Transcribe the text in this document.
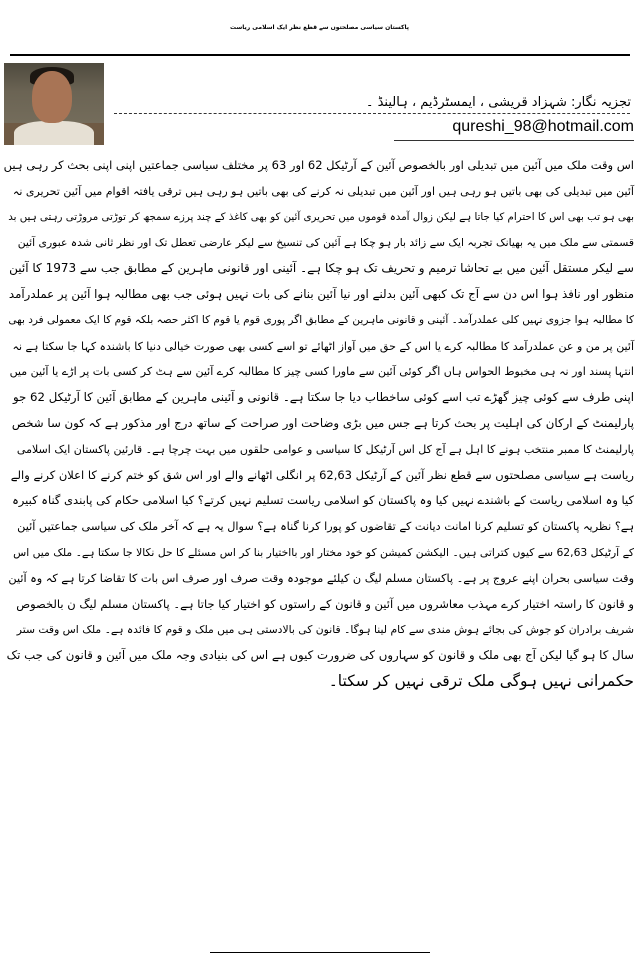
پاکستان سیاسی مصلحتوں سے قطع نظر ایک اسلامی ریاست
تجزیہ نگار: شہزاد قریشی ، ایمسٹرڈیم ، ہالینڈ ۔
qureshi_98@hotmail.com

اس وقت ملک میں آئین میں تبدیلی اور بالخصوص آئین کے آرٹیکل 62 اور 63 پر مختلف سیاسی جماعتیں اپنی اپنی بحث کر رہی ہیں

آئین میں تبدیلی کی بھی باتیں ہو رہی ہیں اور آئین میں تبدیلی نہ کرنے کی بھی باتیں ہو رہی ہیں ترقی یافتہ اقوام میں آئین تحریری نہ

بھی ہو تب بھی اس کا احترام کیا جاتا ہے لیکن زوال آمدہ قوموں میں تحریری آئین کو بھی کاغذ کے چند پرزے سمجھ کر توڑتی مروڑتی رہتی ہیں بد

قسمتی سے ملک میں یہ بھیانک تجربہ ایک سے زائد بار ہو چکا ہے آئین کی تنسیخ سے لیکر عارضی تعطل تک اور نظر ثانی شدہ عبوری آئین

سے لیکر مستقل آئین میں بے تحاشا ترمیم و تحریف تک ہو چکا ہے۔ آئینی اور قانونی ماہرین کے مطابق جب سے 1973 کا آئین

منظور اور نافذ ہوا اس دن سے آج تک کبھی آئین بدلنے اور نیا آئین بنانے کی بات نہیں ہوئی جب بھی مطالبہ ہوا آئین پر عملدرآمد

کا مطالبہ ہوا جزوی نہیں کلی عملدرآمد۔ آئینی و قانونی ماہرین کے مطابق اگر پوری قوم یا قوم کا اکثر حصہ بلکہ قوم کا ایک معمولی فرد بھی

آئین پر من و عن عملدرآمد کا مطالبہ کرے یا اس کے حق میں آواز اٹھائے تو اسے کسی بھی صورت خیالی دنیا کا باشندہ کہا جا سکتا ہے نہ

انتہا پسند اور نہ ہی مخبوط الحواس ہاں اگر کوئی آئین سے ماورا کسی چیز کا مطالبہ کرے آئین سے ہٹ کر کسی بات پر اڑے یا آئین میں

اپنی طرف سے کوئی چیز گھڑے تب اسے کوئی ساخطاب دیا جا سکتا ہے۔ قانونی و آئینی ماہرین کے مطابق آئین کا آرٹیکل 62 جو

پارلیمنٹ کے ارکان کی اہلیت پر بحث کرتا ہے جس میں بڑی وضاحت اور صراحت کے ساتھ درج اور مذکور ہے کہ کون سا شخص

پارلیمنٹ کا ممبر منتخب ہونے کا اہل ہے آج کل اس آرٹیکل کا سیاسی و عوامی حلقوں میں بہت چرچا ہے۔ قارئین پاکستان ایک اسلامی

ریاست ہے سیاسی مصلحتوں سے قطع نظر آئین کے آرٹیکل 62,63 پر انگلی اٹھانے والے اور اس شق کو ختم کرنے کا اعلان کرنے والے

کیا وہ اسلامی ریاست کے باشندے نہیں کیا وہ پاکستان کو اسلامی ریاست تسلیم نہیں کرتے؟ کیا اسلامی حکام کی پابندی گناہ کبیرہ

ہے؟ نظریہ پاکستان کو تسلیم کرنا امانت دیانت کے تقاضوں کو پورا کرنا گناہ ہے؟ سوال یہ ہے کہ آخر ملک کی سیاسی جماعتیں آئین

کے آرٹیکل 62,63 سے کیوں کتراتی ہیں۔ الیکشن کمیشن کو خود مختار اور بااختیار بنا کر اس مسئلے کا حل نکالا جا سکتا ہے۔ ملک میں اس

وقت سیاسی بحران اپنے عروج پر ہے۔ پاکستان مسلم لیگ ن کیلئے موجودہ وقت صرف اور صرف اس بات کا تقاضا کرتا ہے کہ وہ آئین

و قانون کا راستہ اختیار کرے مہذب معاشروں میں آئین و قانون کے راستوں کو اختیار کیا جاتا ہے۔ پاکستان مسلم لیگ ن بالخصوص

شریف برادران کو جوش کی بجائے ہوش مندی سے کام لینا ہوگا۔ قانون کی بالادستی ہی میں ملک و قوم کا فائدہ ہے۔ ملک اس وقت ستر

سال کا ہو گیا لیکن آج بھی ملک و قانون کو سہاروں کی ضرورت کیوں ہے اس کی بنیادی وجہ ملک میں آئین و قانون کی جب تک

حکمرانی نہیں ہوگی ملک ترقی نہیں کر سکتا۔
